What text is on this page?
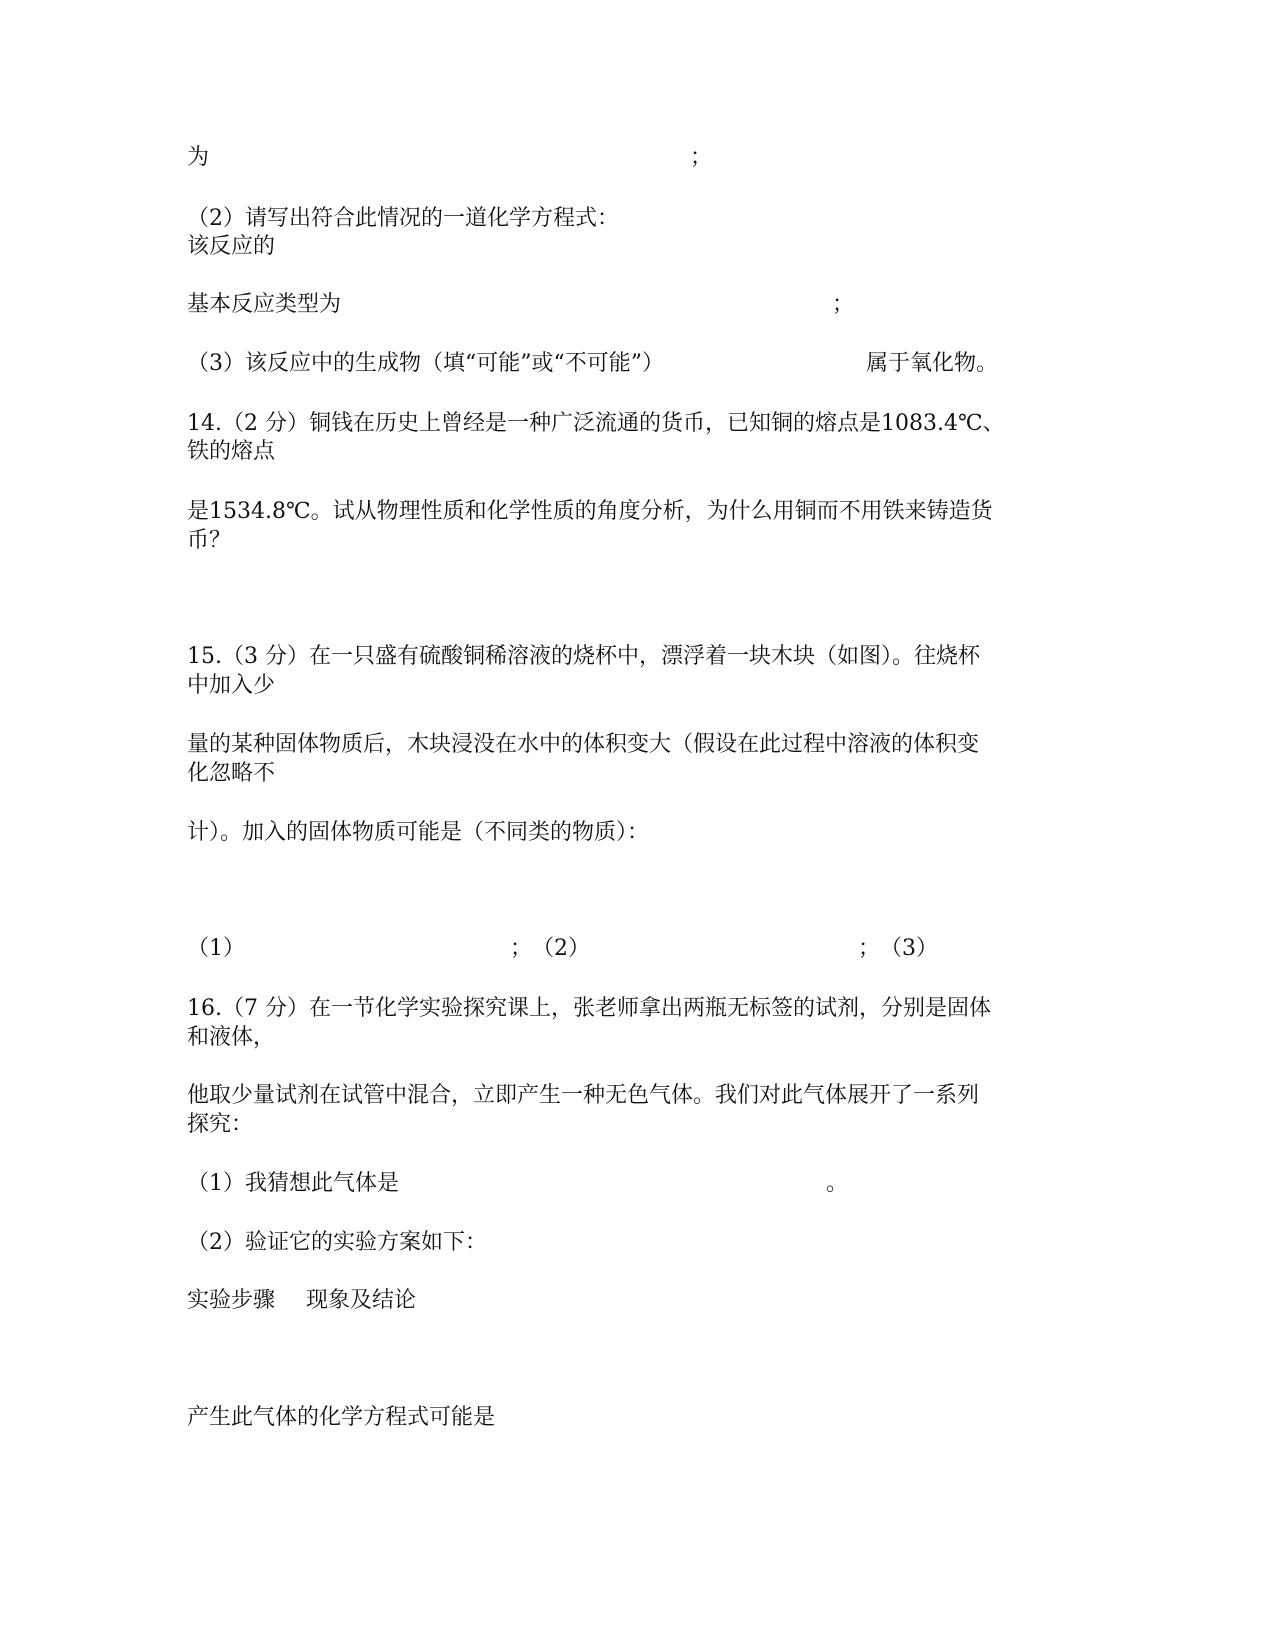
为	；
（2）请写出符合此情况的一道化学方程式：
该反应的
基本反应类型为	；
（3）该反应中的生成物（填“可能”或“不可能”）	属于氧化物。
14.（2 分）铜钱在历史上曾经是一种广泛流通的货币，已知铜的熔点是1083.4℃、
铁的熔点
是1534.8℃。试从物理性质和化学性质的角度分析，为什么用铜而不用铁来铸造货
币？
15.（3 分）在一只盛有硫酸铜稀溶液的烧杯中，漂浮着一块木块（如图）。往烧杯
中加入少
量的某种固体物质后，木块浸没在水中的体积变大（假设在此过程中溶液的体积变
化忽略不
计）。加入的固体物质可能是（不同类的物质）：
（1）	； （2）	； （3）
16.（7 分）在一节化学实验探究课上，张老师拿出两瓶无标签的试剂，分别是固体
和液体，
他取少量试剂在试管中混合，立即产生一种无色气体。我们对此气体展开了一系列
探究：
（1）我猜想此气体是	。
（2）验证它的实验方案如下：
实验步骤 现象及结论
产生此气体的化学方程式可能是
